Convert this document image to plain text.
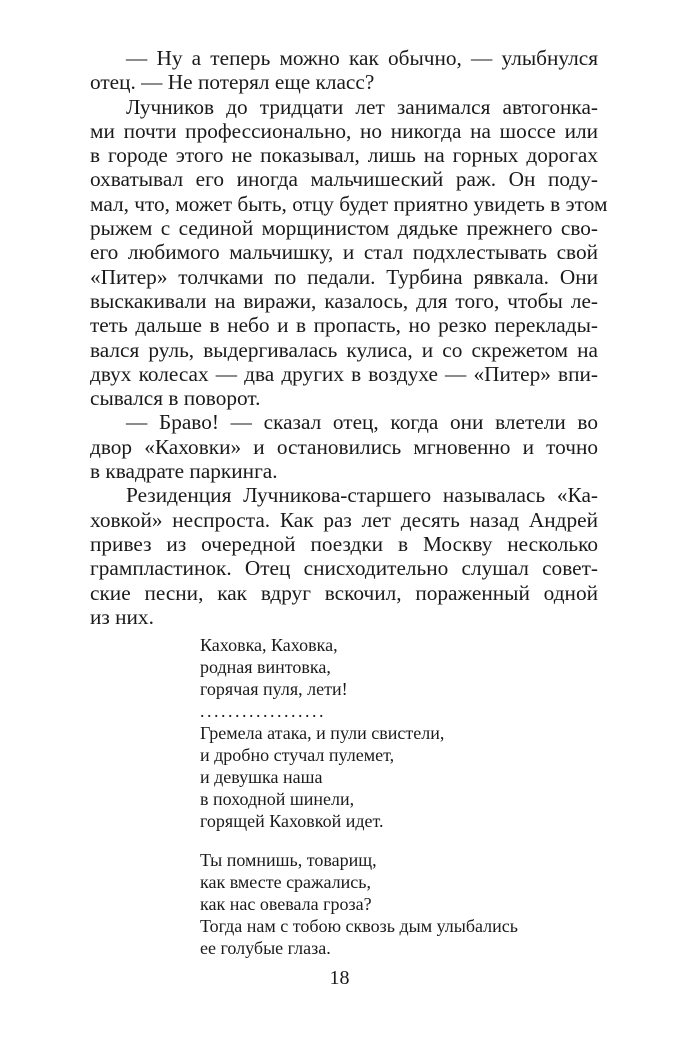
— Ну а теперь можно как обычно, — улыбнулся
отец. — Не потерял еще класс?
Лучников до тридцати лет занимался автогонка-
ми почти профессионально, но никогда на шоссе или
в городе этого не показывал, лишь на горных дорогах
охватывал его иногда мальчишеский раж. Он поду-
мал, что, может быть, отцу будет приятно увидеть в этом
рыжем с сединой морщинистом дядьке прежнего сво-
его любимого мальчишку, и стал подхлестывать свой
«Питер» толчками по педали. Турбина рявкала. Они
выскакивали на виражи, казалось, для того, чтобы ле-
теть дальше в небо и в пропасть, но резко переклады-
вался руль, выдергивалась кулиса, и со скрежетом на
двух колесах — два других в воздухе — «Питер» впи-
сывался в поворот.
— Браво! — сказал отец, когда они влетели во
двор «Каховки» и остановились мгновенно и точно
в квадрате паркинга.
Резиденция Лучникова-старшего называлась «Ка-
ховкой» неспроста. Как раз лет десять назад Андрей
привез из очередной поездки в Москву несколько
грампластинок. Отец снисходительно слушал совет-
ские песни, как вдруг вскочил, пораженный одной
из них.
Каховка, Каховка,
родная винтовка,
горячая пуля, лети!
..................
Гремела атака, и пули свистели,
и дробно стучал пулемет,
и девушка наша
в походной шинели,
горящей Каховкой идет.
Ты помнишь, товарищ,
как вместе сражались,
как нас овевала гроза?
Тогда нам с тобою сквозь дым улыбались
ее голубые глаза.
18
